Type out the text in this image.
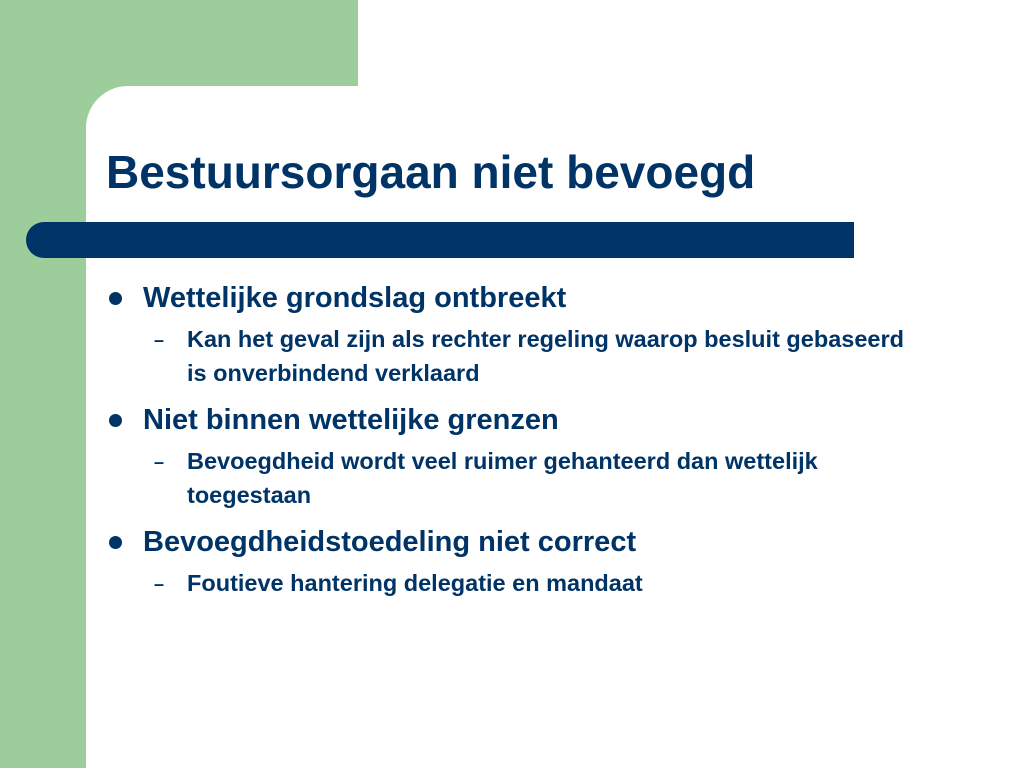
Bestuursorgaan niet bevoegd
Wettelijke grondslag ontbreekt
– Kan het geval zijn als rechter regeling waarop besluit gebaseerd is onverbindend verklaard
Niet binnen wettelijke grenzen
– Bevoegdheid wordt veel ruimer gehanteerd dan wettelijk toegestaan
Bevoegdheidstoedeling niet correct
– Foutieve hantering delegatie en mandaat
